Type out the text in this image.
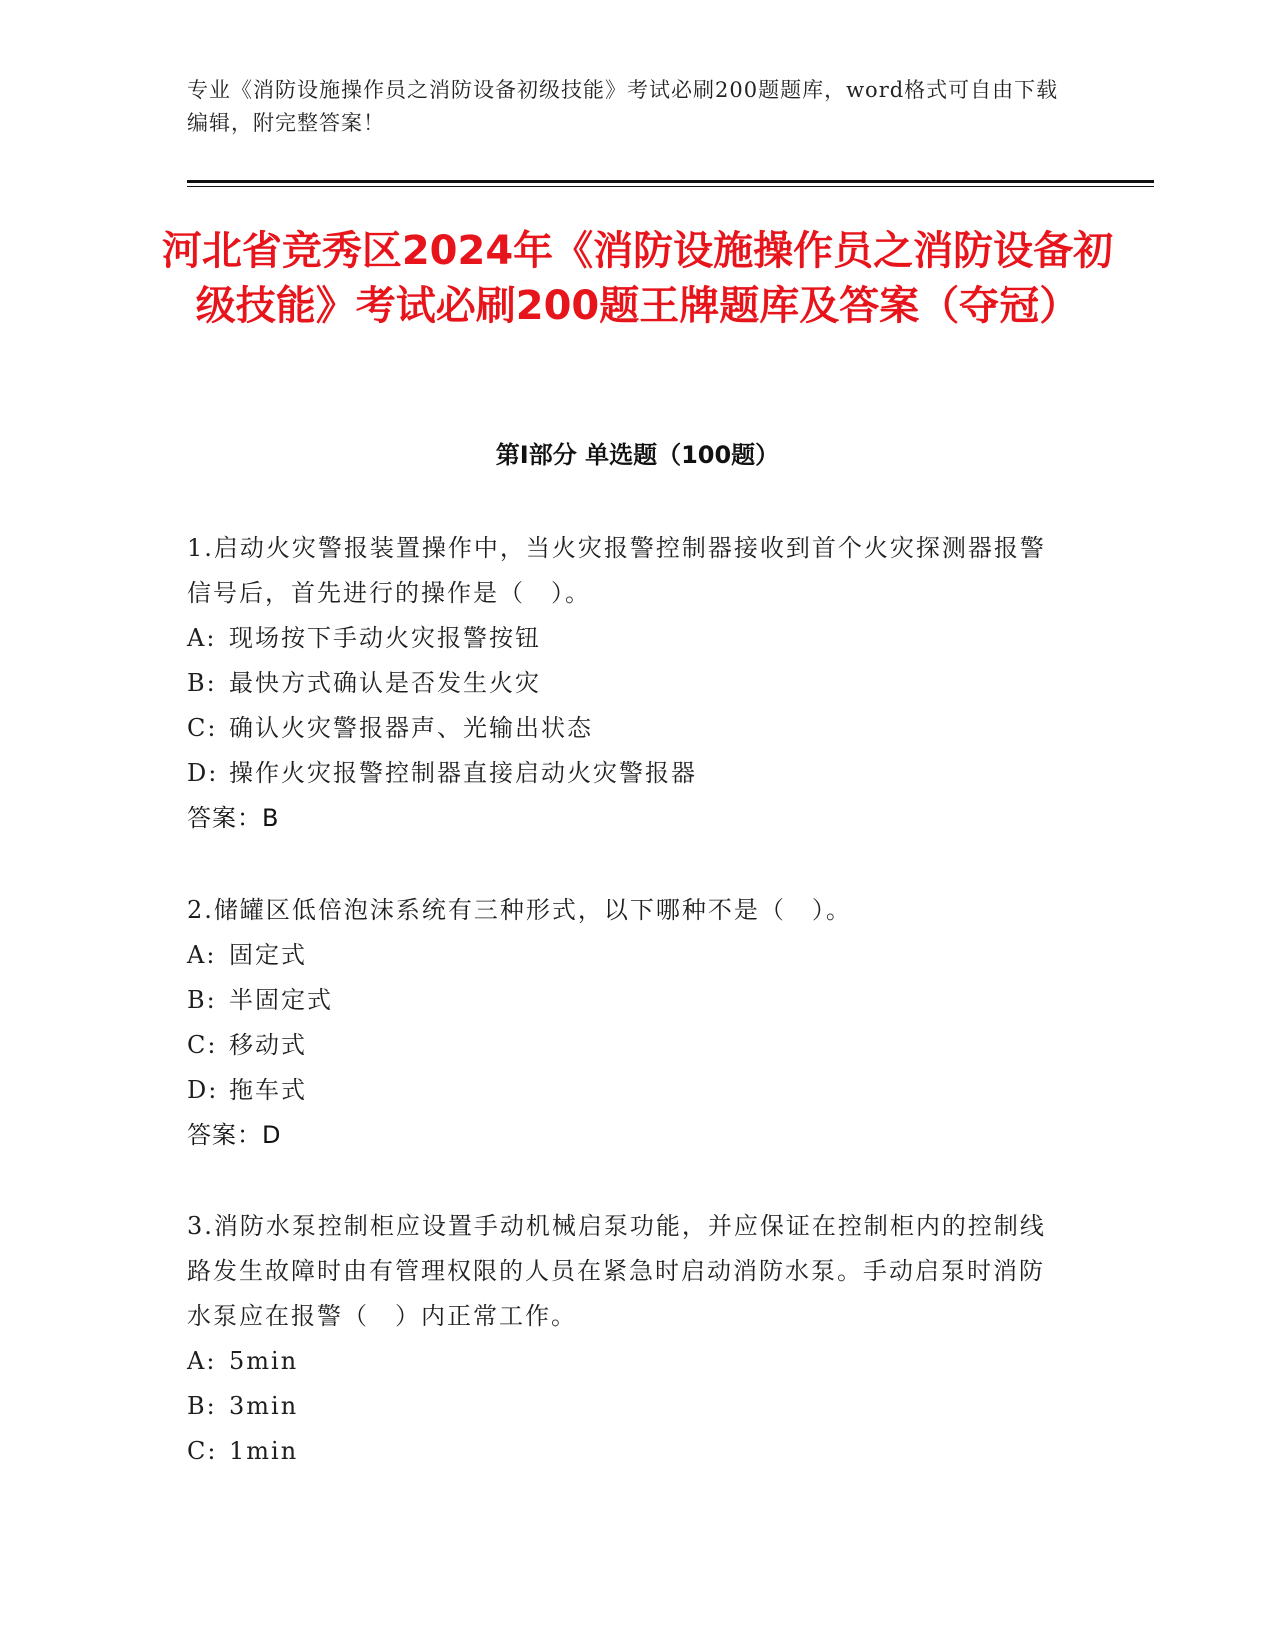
专业《消防设施操作员之消防设备初级技能》考试必刷200题题库，word格式可自由下载编辑，附完整答案！
河北省竞秀区2024年《消防设施操作员之消防设备初级技能》考试必刷200题王牌题库及答案（夺冠）
第I部分 单选题（100题）

1.启动火灾警报装置操作中，当火灾报警控制器接收到首个火灾探测器报警信号后，首先进行的操作是（　）。

A: 现场按下手动火灾报警按钮
B: 最快方式确认是否发生火灾
C: 确认火灾警报器声、光输出状态
D: 操作火灾报警控制器直接启动火灾警报器
答案：B

2.储罐区低倍泡沫系统有三种形式，以下哪种不是（　）。

A: 固定式
B: 半固定式
C: 移动式
D: 拖车式
答案：D

3.消防水泵控制柜应设置手动机械启泵功能，并应保证在控制柜内的控制线路发生故障时由有管理权限的人员在紧急时启动消防水泵。手动启泵时消防水泵应在报警（　）内正常工作。

A: 5min
B: 3min
C: 1min
